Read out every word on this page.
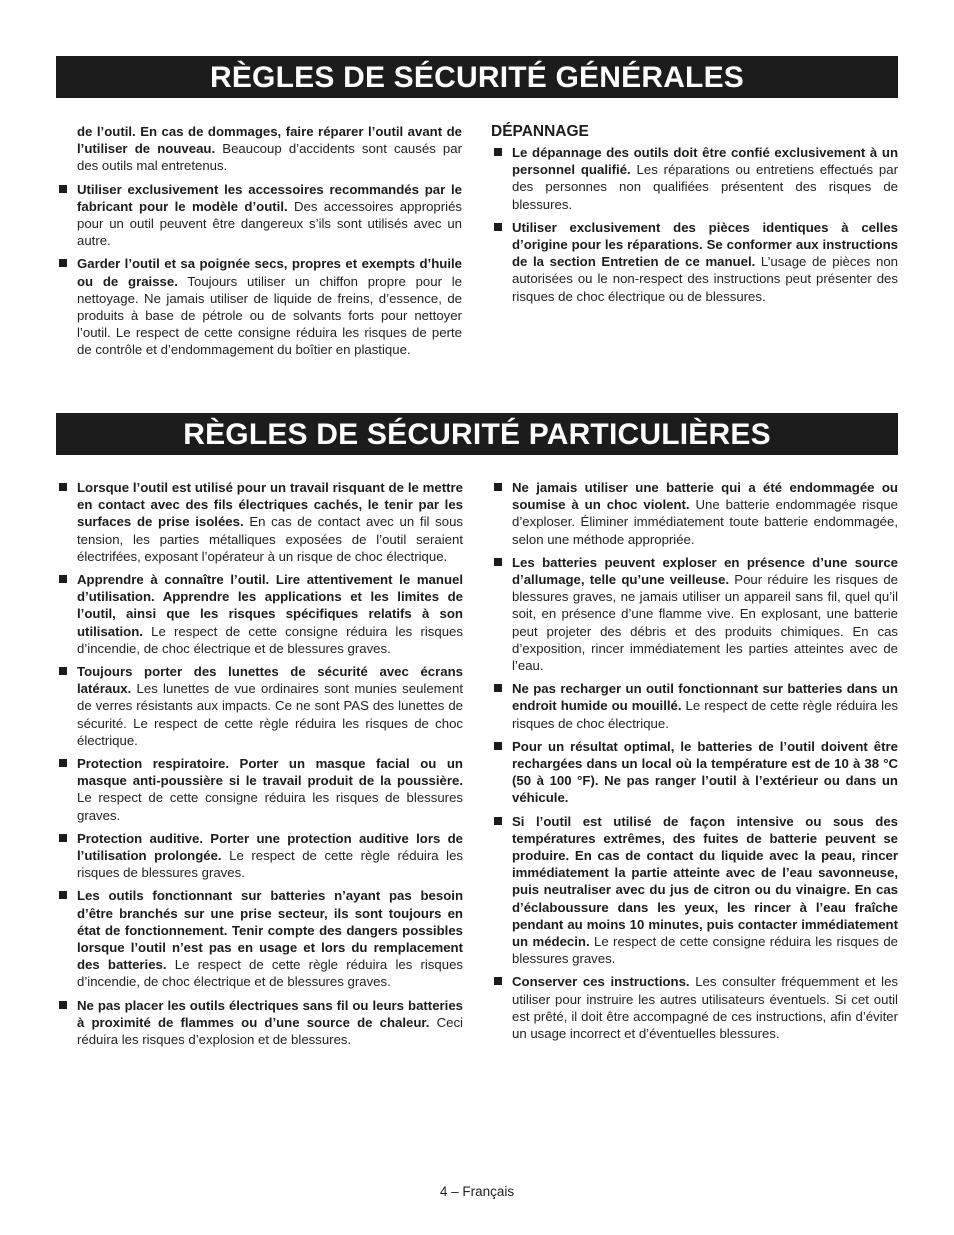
RÈGLES DE SÉCURITÉ GÉNÉRALES
de l’outil. En cas de dommages, faire réparer l’outil avant de l’utiliser de nouveau. Beaucoup d’accidents sont causés par des outils mal entretenus.
Utiliser exclusivement les accessoires recommandés par le fabricant pour le modèle d’outil. Des accessoires appropriés pour un outil peuvent être dangereux s’ils sont utilisés avec un autre.
Garder l’outil et sa poignée secs, propres et exempts d’huile ou de graisse. Toujours utiliser un chiffon propre pour le nettoyage. Ne jamais utiliser de liquide de freins, d’essence, de produits à base de pétrole ou de solvants forts pour nettoyer l’outil. Le respect de cette consigne réduira les risques de perte de contrôle et d’endommagement du boîtier en plastique.
DÉPANNAGE
Le dépannage des outils doit être confié exclusivement à un personnel qualifié. Les réparations ou entretiens effectués par des personnes non qualifiées présentent des risques de blessures.
Utiliser exclusivement des pièces identiques à celles d’origine pour les réparations. Se conformer aux instructions de la section Entretien de ce manuel. L’usage de pièces non autorisées ou le non-respect des instructions peut présenter des risques de choc électrique ou de blessures.
RÈGLES DE SÉCURITÉ PARTICULIÈRES
Lorsque l’outil est utilisé pour un travail risquant de le mettre en contact avec des fils électriques cachés, le tenir par les surfaces de prise isolées. En cas de contact avec un fil sous tension, les parties métalliques exposées de l’outil seraient électrifées, exposant l’opérateur à un risque de choc électrique.
Apprendre à connaître l’outil. Lire attentivement le manuel d’utilisation. Apprendre les applications et les limites de l’outil, ainsi que les risques spécifiques relatifs à son utilisation. Le respect de cette consigne réduira les risques d’incendie, de choc électrique et de blessures graves.
Toujours porter des lunettes de sécurité avec écrans latéraux. Les lunettes de vue ordinaires sont munies seulement de verres résistants aux impacts. Ce ne sont PAS des lunettes de sécurité. Le respect de cette règle réduira les risques de choc électrique.
Protection respiratoire. Porter un masque facial ou un masque anti-poussière si le travail produit de la poussière. Le respect de cette consigne réduira les risques de blessures graves.
Protection auditive. Porter une protection auditive lors de l’utilisation prolongée. Le respect de cette règle réduira les risques de blessures graves.
Les outils fonctionnant sur batteries n’ayant pas besoin d’être branchés sur une prise secteur, ils sont toujours en état de fonctionnement. Tenir compte des dangers possibles lorsque l’outil n’est pas en usage et lors du remplacement des batteries. Le respect de cette règle réduira les risques d’incendie, de choc électrique et de blessures graves.
Ne pas placer les outils électriques sans fil ou leurs batteries à proximité de flammes ou d’une source de chaleur. Ceci réduira les risques d’explosion et de blessures.
Ne jamais utiliser une batterie qui a été endommagée ou soumise à un choc violent. Une batterie endommagée risque d’exploser. Éliminer immédiatement toute batterie endommagée, selon une méthode appropriée.
Les batteries peuvent exploser en présence d’une source d’allumage, telle qu’une veilleuse. Pour réduire les risques de blessures graves, ne jamais utiliser un appareil sans fil, quel qu’il soit, en présence d’une flamme vive. En explosant, une batterie peut projeter des débris et des produits chimiques. En cas d’exposition, rincer immédiatement les parties atteintes avec de l’eau.
Ne pas recharger un outil fonctionnant sur batteries dans un endroit humide ou mouillé. Le respect de cette règle réduira les risques de choc électrique.
Pour un résultat optimal, le batteries de l’outil doivent être rechargées dans un local où la température est de 10 à 38 °C (50 à 100 °F). Ne pas ranger l’outil à l’extérieur ou dans un véhicule.
Si l’outil est utilisé de façon intensive ou sous des températures extrêmes, des fuites de batterie peuvent se produire. En cas de contact du liquide avec la peau, rincer immédiatement la partie atteinte avec de l’eau savonneuse, puis neutraliser avec du jus de citron ou du vinaigre. En cas d’éclaboussure dans les yeux, les rincer à l’eau fraîche pendant au moins 10 minutes, puis contacter immédiatement un médecin. Le respect de cette consigne réduira les risques de blessures graves.
Conserver ces instructions. Les consulter fréquemment et les utiliser pour instruire les autres utilisateurs éventuels. Si cet outil est prêté, il doit être accompagné de ces instructions, afin d’éviter un usage incorrect et d’éventuelles blessures.
4 – Français
